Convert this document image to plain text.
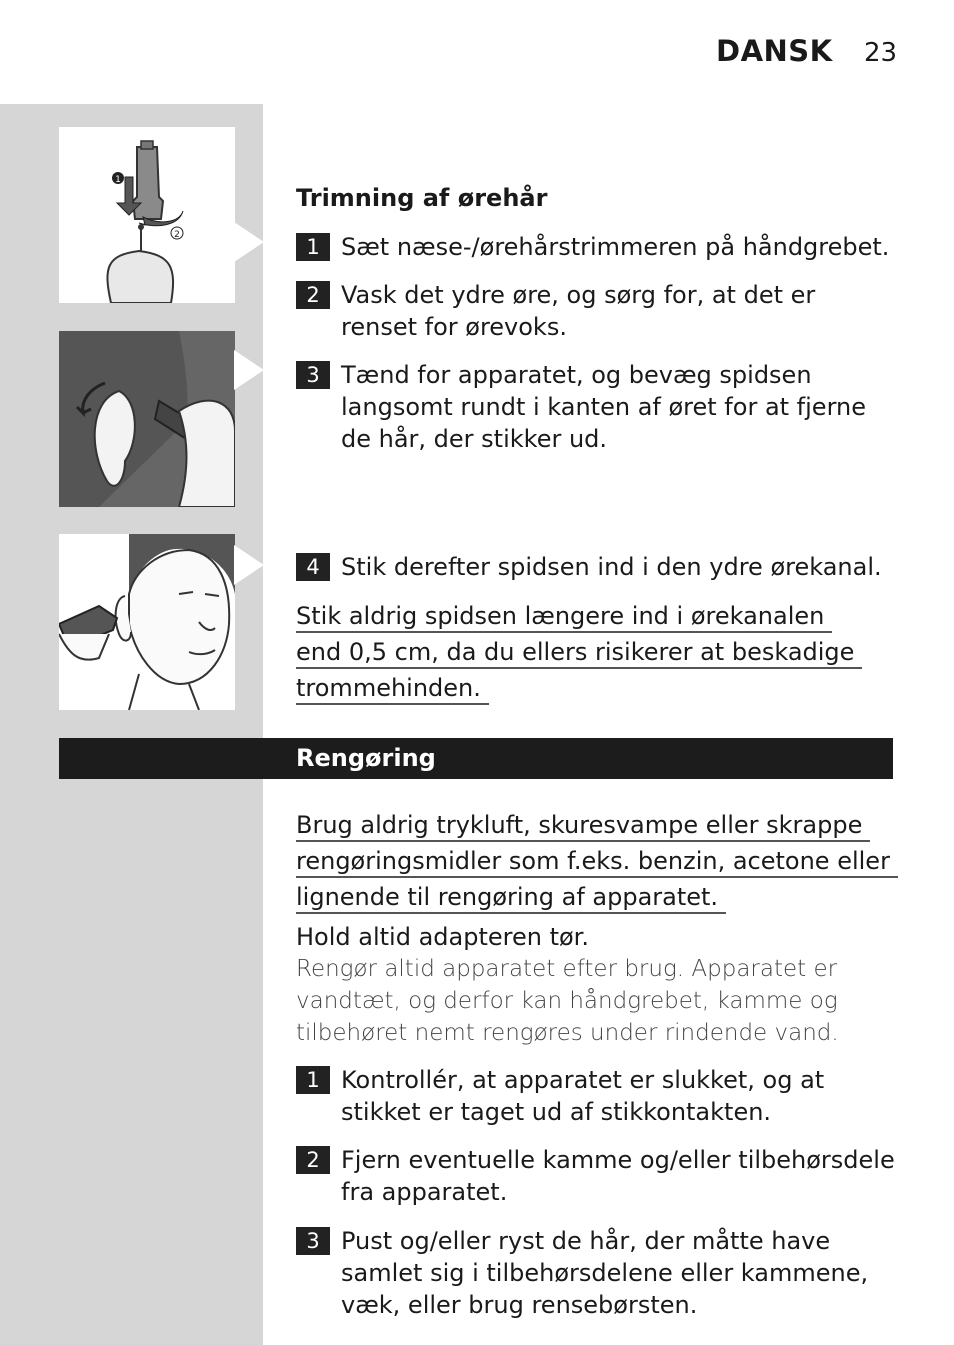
DANSK 23
1
2
Trimning af ørehår
1 Sæt næse-/ørehårstrimmeren på håndgrebet.
2 Vask det ydre øre, og sørg for, at det er renset for ørevoks.
3 Tænd for apparatet, og bevæg spidsen langsomt rundt i kanten af øret for at fjerne de hår, der stikker ud.
4 Stik derefter spidsen ind i den ydre ørekanal.
Stik aldrig spidsen længere ind i ørekanalen
end 0,5 cm, da du ellers risikerer at beskadige
trommehinden.
Rengøring
Brug aldrig trykluft, skuresvampe eller skrappe
rengøringsmidler som f.eks. benzin, acetone eller
lignende til rengøring af apparatet.
Hold altid adapteren tør.
Rengør altid apparatet efter brug. Apparatet er
vandtæt, og derfor kan håndgrebet, kamme og
tilbehøret nemt rengøres under rindende vand.
1 Kontrollér, at apparatet er slukket, og at stikket er taget ud af stikkontakten.
2 Fjern eventuelle kamme og/eller tilbehørsdele fra apparatet.
3 Pust og/eller ryst de hår, der måtte have samlet sig i tilbehørsdelene eller kammene, væk, eller brug rensebørsten.
